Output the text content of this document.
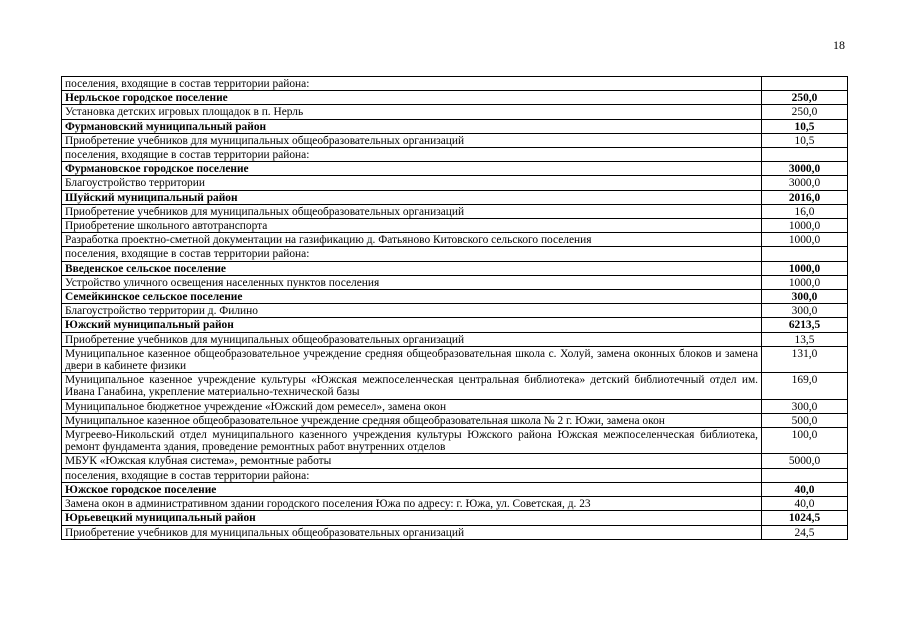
18
поселения, входящие в состав территории района:	
Нерльское городское поселение	250,0
Установка детских игровых площадок в п. Нерль	250,0
Фурмановский муниципальный район	10,5
Приобретение учебников для муниципальных общеобразовательных организаций	10,5
поселения, входящие в состав территории района:	
Фурмановское городское поселение	3000,0
Благоустройство территории	3000,0
Шуйский муниципальный район	2016,0
Приобретение учебников для муниципальных общеобразовательных организаций	16,0
Приобретение школьного автотранспорта	1000,0
Разработка проектно-сметной документации на газификацию д. Фатьяново Китовского сельского поселения	1000,0
поселения, входящие в состав территории района:	
Введенское сельское поселение	1000,0
Устройство уличного освещения населенных пунктов поселения	1000,0
Семейкинское сельское поселение	300,0
Благоустройство территории д. Филино	300,0
Южский муниципальный район	6213,5
Приобретение учебников для муниципальных общеобразовательных организаций	13,5
Муниципальное казенное общеобразовательное учреждение средняя общеобразовательная школа с. Холуй, замена оконных блоков и замена двери в кабинете физики	131,0
Муниципальное казенное учреждение культуры «Южская межпоселенческая центральная библиотека» детский библиотечный отдел им. Ивана Ганабина, укрепление материально-технической базы	169,0
Муниципальное бюджетное учреждение «Южский дом ремесел», замена окон	300,0
Муниципальное казенное общеобразовательное учреждение средняя общеобразовательная школа № 2 г. Южи, замена окон	500,0
Мугреево-Никольский отдел муниципального казенного учреждения культуры Южского района Южская межпоселенческая библиотека, ремонт фундамента здания, проведение ремонтных работ внутренних отделов	100,0
МБУК «Южская клубная система», ремонтные работы	5000,0
поселения, входящие в состав территории района:	
Южское городское поселение	40,0
Замена окон в административном здании городского поселения Южа по адресу: г. Южа, ул. Советская, д. 23	40,0
Юрьевецкий муниципальный район	1024,5
Приобретение учебников для муниципальных общеобразовательных организаций	24,5
